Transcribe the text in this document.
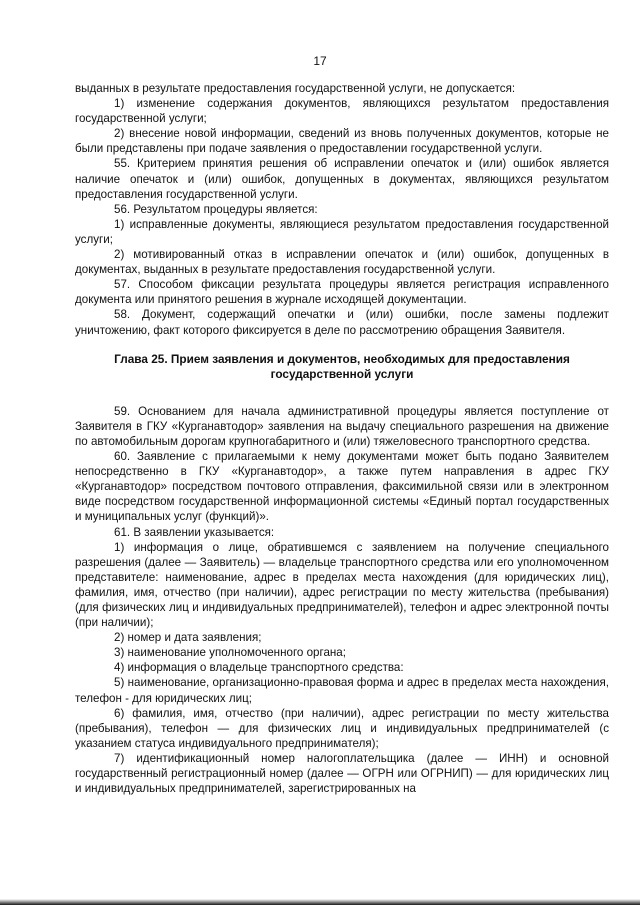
17

выданных в результате предоставления государственной услуги, не допускается:

1) изменение содержания документов, являющихся результатом предоставления государственной услуги;

2) внесение новой информации, сведений из вновь полученных документов, которые не были представлены при подаче заявления о предоставлении государственной услуги.

55. Критерием принятия решения об исправлении опечаток и (или) ошибок является наличие опечаток и (или) ошибок, допущенных в документах, являющихся результатом предоставления государственной услуги.

56. Результатом процедуры является:

1) исправленные документы, являющиеся результатом предоставления государственной услуги;

2) мотивированный отказ в исправлении опечаток и (или) ошибок, допущенных в документах, выданных в результате предоставления государственной услуги.

57. Способом фиксации результата процедуры является регистрация исправленного документа или принятого решения в журнале исходящей документации.

58. Документ, содержащий опечатки и (или) ошибки, после замены подлежит уничтожению, факт которого фиксируется в деле по рассмотрению обращения Заявителя.

Глава 25. Прием заявления и документов, необходимых для предоставления государственной услуги

59. Основанием для начала административной процедуры является поступление от Заявителя в ГКУ «Курганавтодор» заявления на выдачу специального разрешения на движение по автомобильным дорогам крупногабаритного и (или) тяжеловесного транспортного средства.

60. Заявление с прилагаемыми к нему документами может быть подано Заявителем непосредственно в ГКУ «Курганавтодор», а также путем направления в адрес ГКУ «Курганавтодор» посредством почтового отправления, факсимильной связи или в электронном виде посредством государственной информационной системы «Единый портал государственных и муниципальных услуг (функций)».

61. В заявлении указывается:

1) информация о лице, обратившемся с заявлением на получение специального разрешения (далее — Заявитель) — владельце транспортного средства или его уполномоченном представителе: наименование, адрес в пределах места нахождения (для юридических лиц), фамилия, имя, отчество (при наличии), адрес регистрации по месту жительства (пребывания) (для физических лиц и индивидуальных предпринимателей), телефон и адрес электронной почты (при наличии);

2) номер и дата заявления;

3) наименование уполномоченного органа;

4) информация о владельце транспортного средства:

5) наименование, организационно-правовая форма и адрес в пределах места нахождения, телефон - для юридических лиц;

6) фамилия, имя, отчество (при наличии), адрес регистрации по месту жительства (пребывания), телефон — для физических лиц и индивидуальных предпринимателей (с указанием статуса индивидуального предпринимателя);

7) идентификационный номер налогоплательщика (далее — ИНН) и основной государственный регистрационный номер (далее — ОГРН или ОГРНИП) — для юридических лиц и индивидуальных предпринимателей, зарегистрированных на
